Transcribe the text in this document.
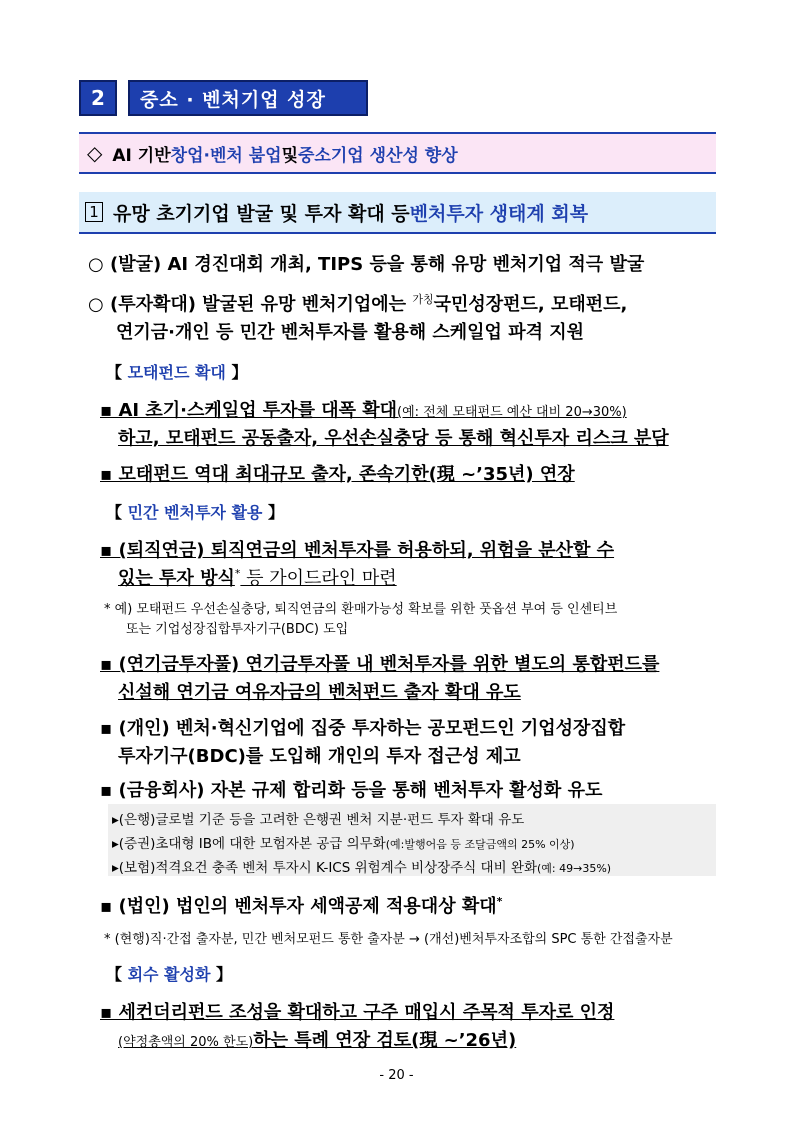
2	중소 · 벤처기업 성장
◇ AI 기반 창업·벤처 붐업 및 중소기업 생산성 향상
1 유망 초기기업 발굴 및 투자 확대 등 벤처투자 생태계 회복
○ (발굴) AI 경진대회 개최, TIPS 등을 통해 유망 벤처기업 적극 발굴
○ (투자확대) 발굴된 유망 벤처기업에는 $^{가칭}$국민성장펀드, 모태펀드,
연기금·개인 등 민간 벤처투자를 활용해 스케일업 파격 지원
【 모태펀드 확대 】
▪ AI 초기·스케일업 투자를 대폭 확대(예: 전체 모태펀드 예산 대비 20→30%)
하고, 모태펀드 공동출자, 우선손실충당 등 통해 혁신투자 리스크 분담
▪ 모태펀드 역대 최대규모 출자, 존속기한(現 ~’35년) 연장
【 민간 벤처투자 활용 】
▪ (퇴직연금) 퇴직연금의 벤처투자를 허용하되, 위험을 분산할 수
있는 투자 방식* 등 가이드라인 마련
* 예) 모태펀드 우선손실충당, 퇴직연금의 환매가능성 확보를 위한 풋옵션 부여 등 인센티브
또는 기업성장집합투자기구(BDC) 도입
▪ (연기금투자풀) 연기금투자풀 내 벤처투자를 위한 별도의 통합펀드를
신설해 연기금 여유자금의 벤처펀드 출자 확대 유도
▪ (개인) 벤처·혁신기업에 집중 투자하는 공모펀드인 기업성장집합
투자기구(BDC)를 도입해 개인의 투자 접근성 제고
▪ (금융회사) 자본 규제 합리화 등을 통해 벤처투자 활성화 유도
▸(은행)글로벌 기준 등을 고려한 은행권 벤처 지분·펀드 투자 확대 유도
▸(증권)초대형 IB에 대한 모험자본 공급 의무화(예:발행어음 등 조달금액의 25% 이상)
▸(보험)적격요건 충족 벤처 투자시 K-ICS 위험계수 비상장주식 대비 완화(예: 49→35%)
▪ (법인) 법인의 벤처투자 세액공제 적용대상 확대*
* (현행)직·간접 출자분, 민간 벤처모펀드 통한 출자분 → (개선)벤처투자조합의 SPC 통한 간접출자분
【 회수 활성화 】
▪ 세컨더리펀드 조성을 확대하고 구주 매입시 주목적 투자로 인정
(약정총액의 20% 한도)하는 특례 연장 검토(現 ~’26년)
- 20 -
